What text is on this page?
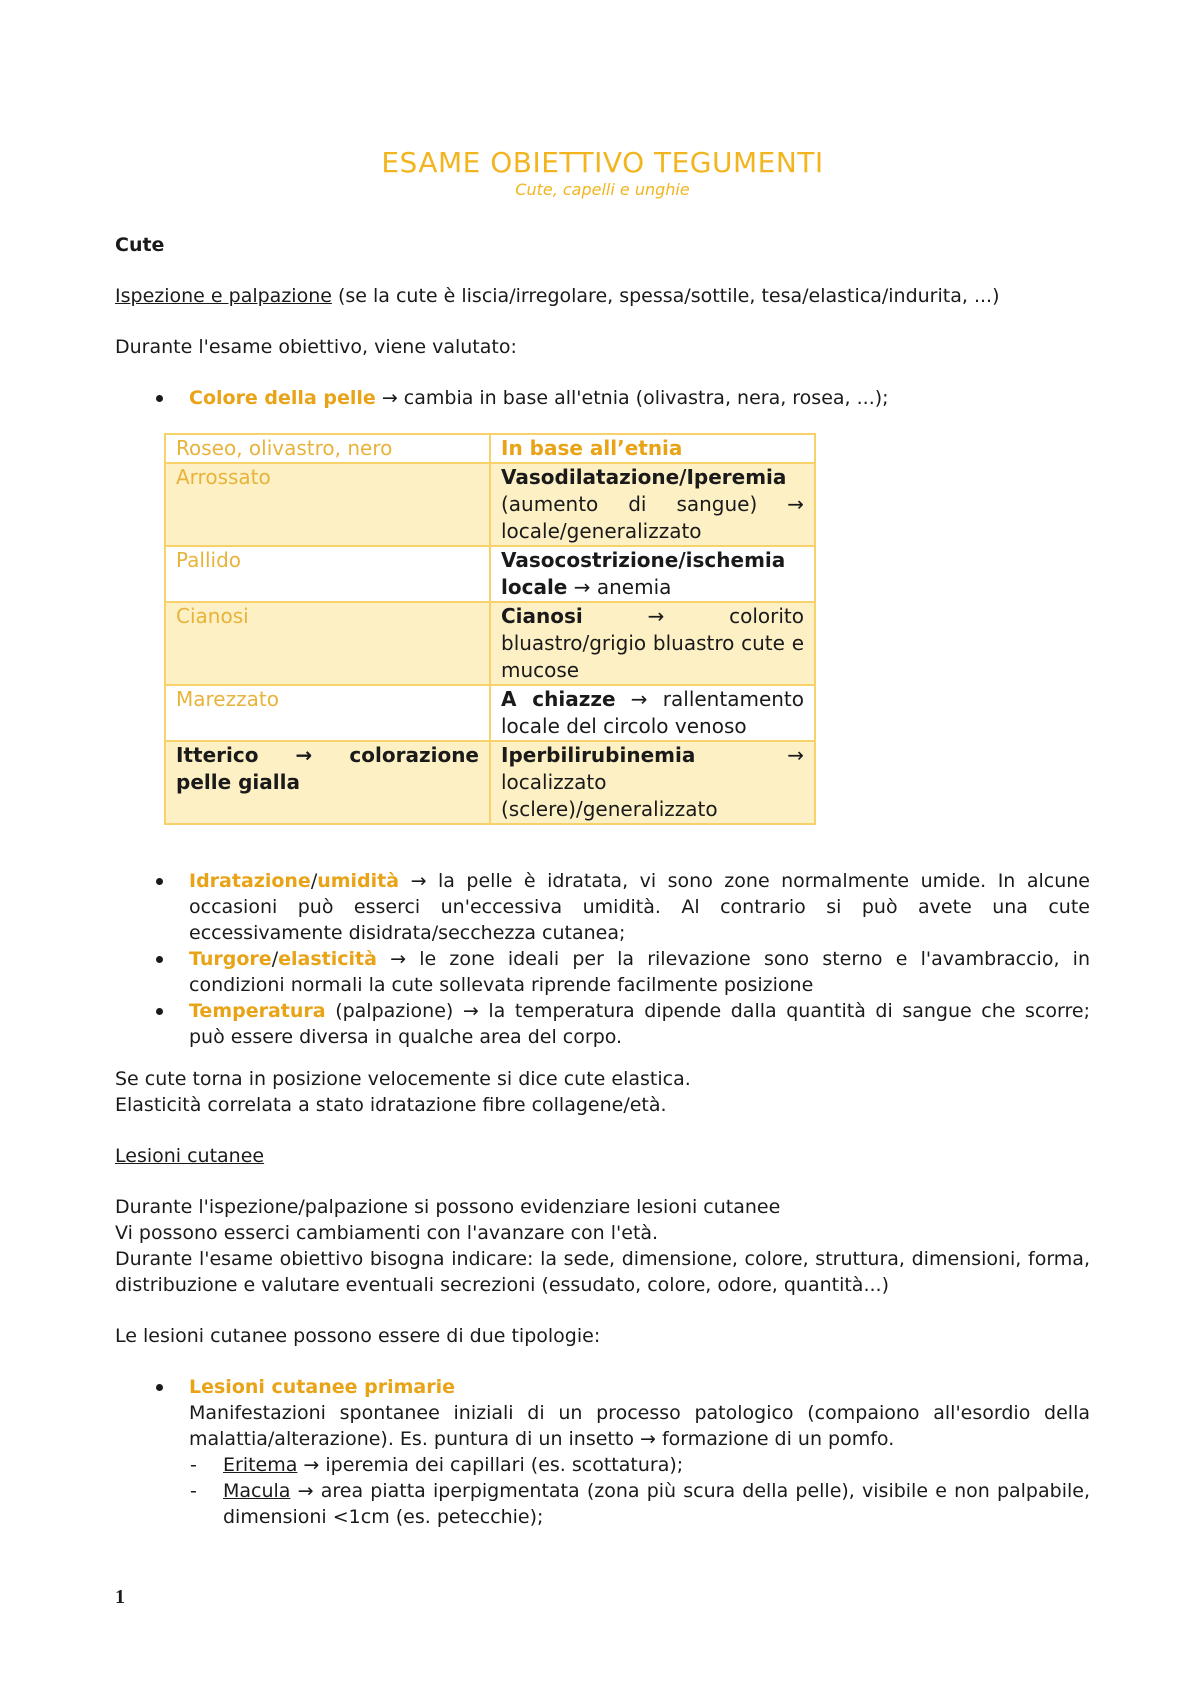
ESAME OBIETTIVO TEGUMENTI
Cute, capelli e unghie
Cute
Ispezione e palpazione (se la cute è liscia/irregolare, spessa/sottile, tesa/elastica/indurita, ...)
Durante l'esame obiettivo, viene valutato:
Colore della pelle → cambia in base all'etnia (olivastra, nera, rosea, ...);
Roseo, olivastro, nero	In base all’etnia
Arrossato	Vasodilatazione/Iperemia (aumento di sangue) → locale/generalizzato
Pallido	Vasocostrizione/ischemia locale → anemia
Cianosi	Cianosi → colorito bluastro/grigio bluastro cute e mucose
Marezzato	A chiazze → rallentamento locale del circolo venoso
Itterico → colorazione pelle gialla	Iperbilirubinemia → localizzato (sclere)/generalizzato
Idratazione/umidità → la pelle è idratata, vi sono zone normalmente umide. In alcune occasioni può esserci un'eccessiva umidità. Al contrario si può avete una cute eccessivamente disidrata/secchezza cutanea;
Turgore/elasticità → le zone ideali per la rilevazione sono sterno e l'avambraccio, in condizioni normali la cute sollevata riprende facilmente posizione
Temperatura (palpazione) → la temperatura dipende dalla quantità di sangue che scorre; può essere diversa in qualche area del corpo.
Se cute torna in posizione velocemente si dice cute elastica.
Elasticità correlata a stato idratazione fibre collagene/età.
Lesioni cutanee
Durante l'ispezione/palpazione si possono evidenziare lesioni cutanee
Vi possono esserci cambiamenti con l'avanzare con l'età.
Durante l'esame obiettivo bisogna indicare: la sede, dimensione, colore, struttura, dimensioni, forma, distribuzione e valutare eventuali secrezioni (essudato, colore, odore, quantità...)
Le lesioni cutanee possono essere di due tipologie:
Lesioni cutanee primarie
Manifestazioni spontanee iniziali di un processo patologico (compaiono all'esordio della malattia/alterazione). Es. puntura di un insetto → formazione di un pomfo.
- Eritema → iperemia dei capillari (es. scottatura);
- Macula → area piatta iperpigmentata (zona più scura della pelle), visibile e non palpabile, dimensioni <1cm (es. petecchie);
1
